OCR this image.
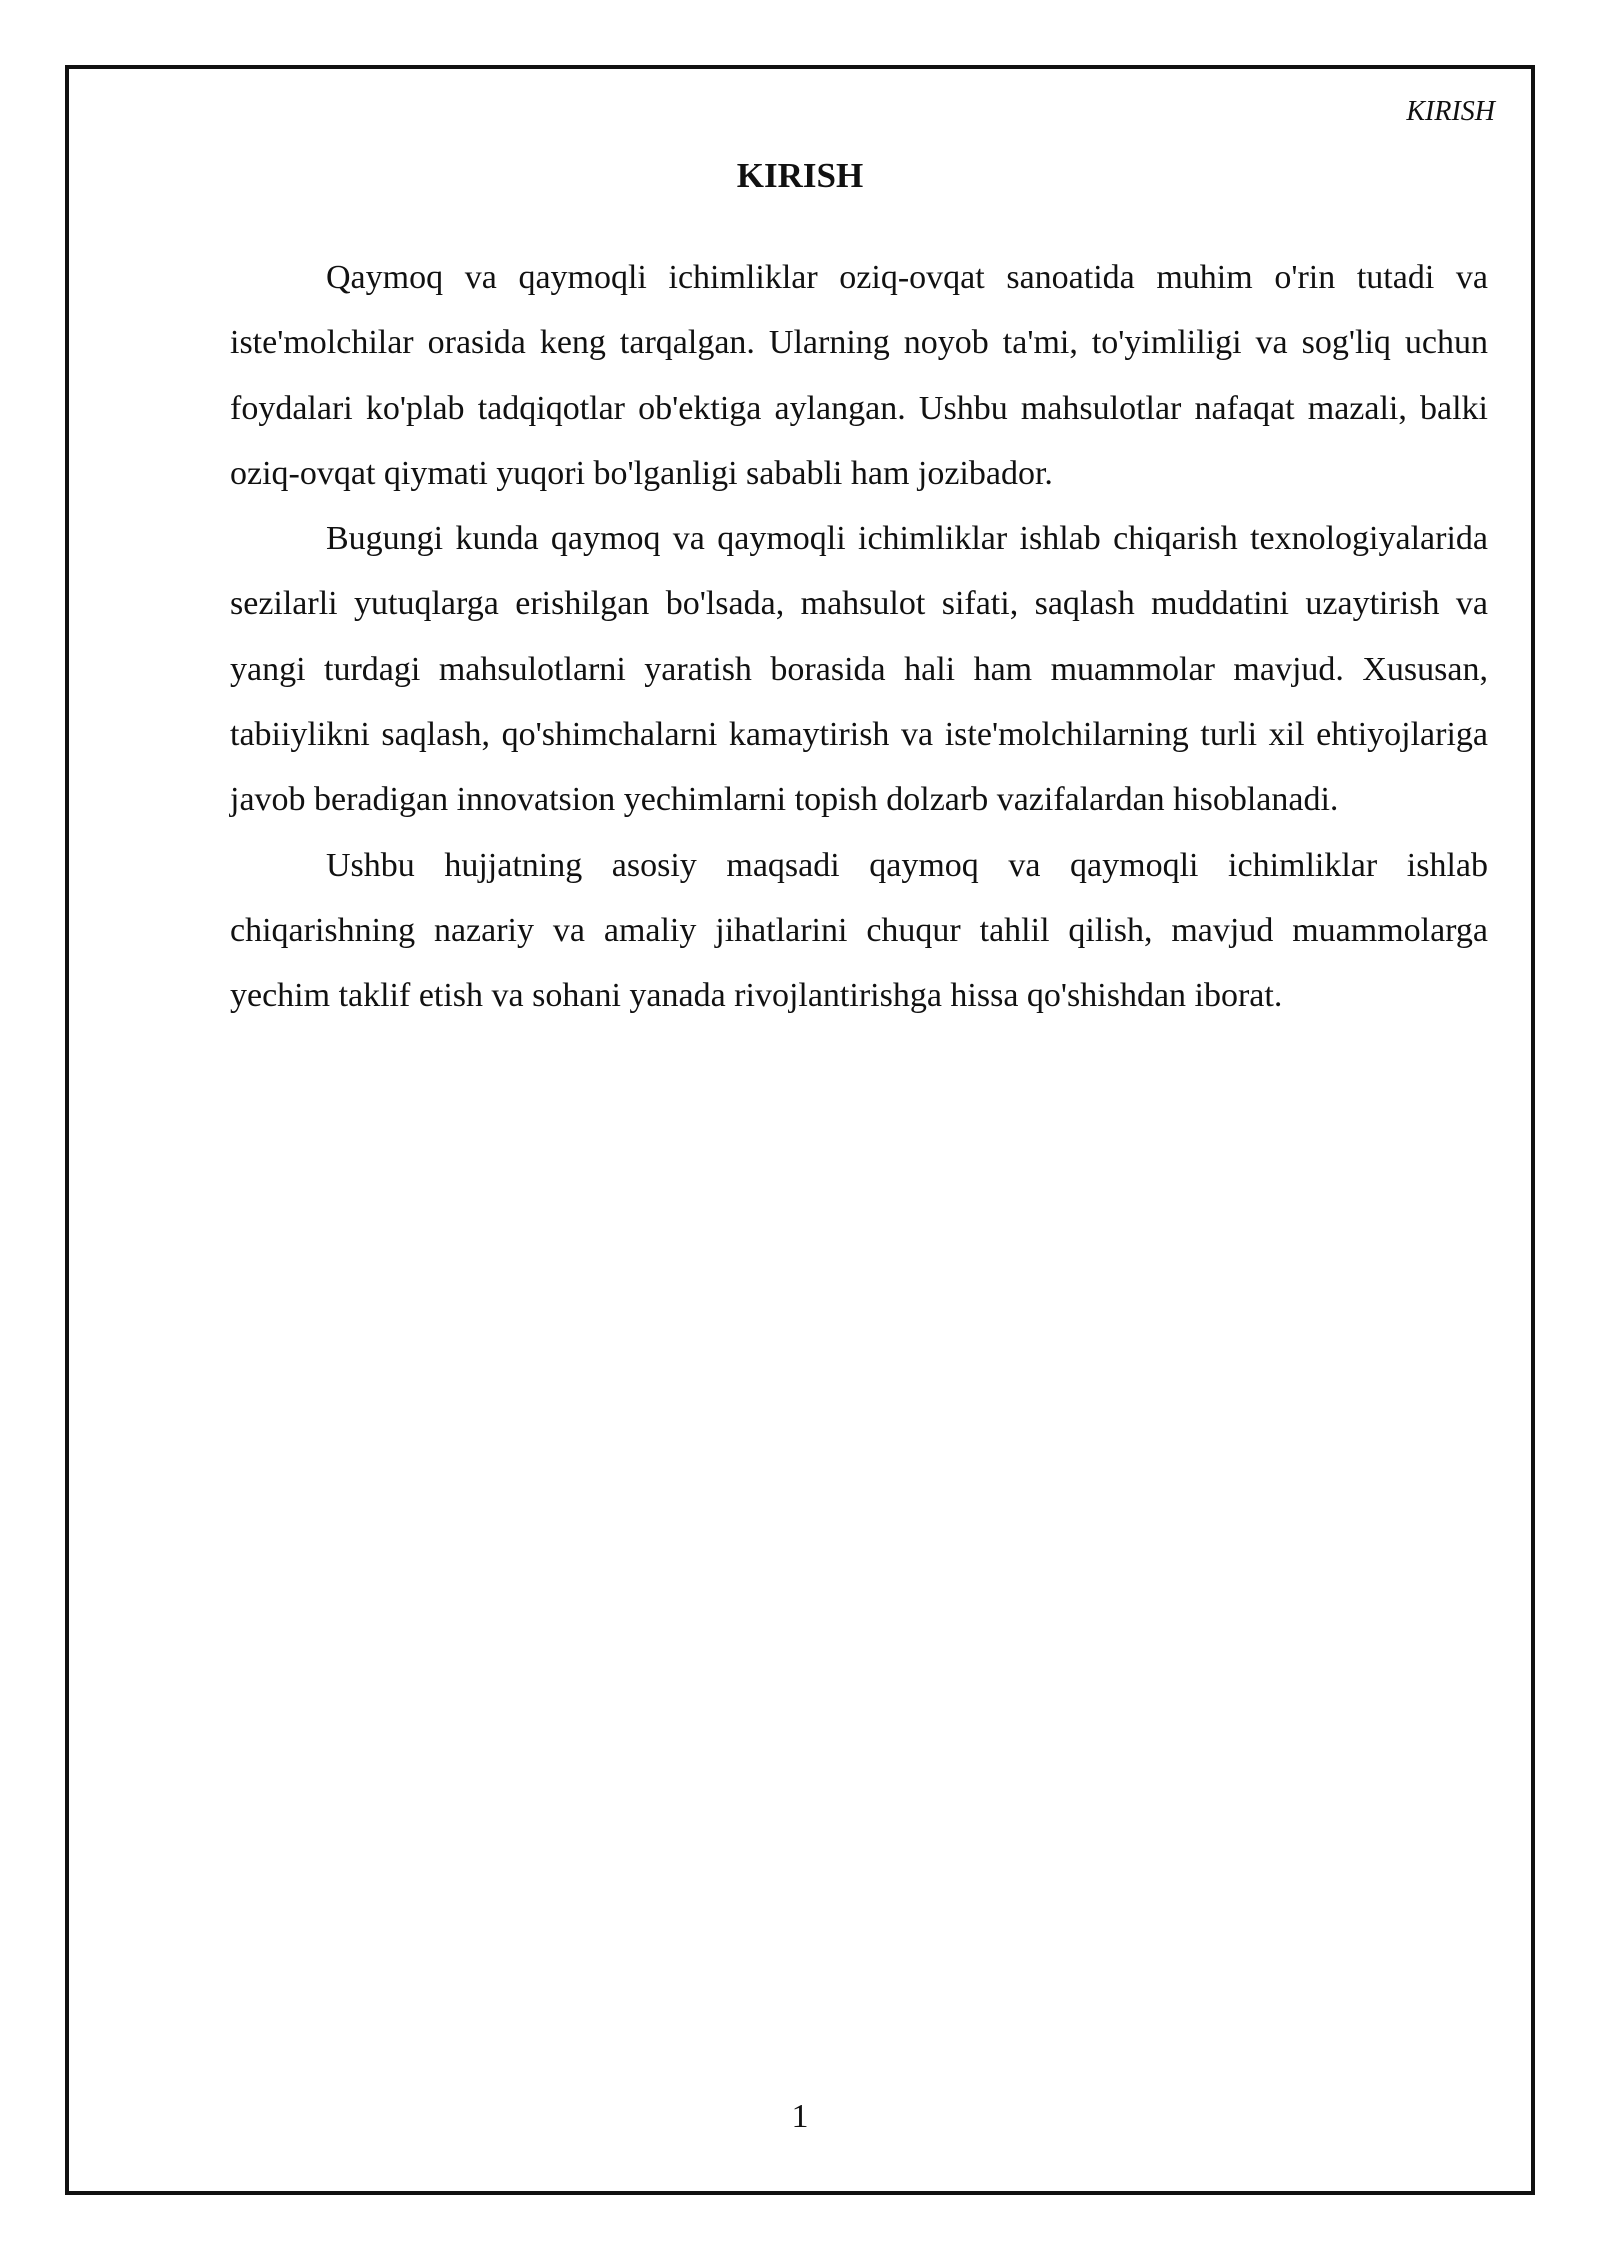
KIRISH
KIRISH

Qaymoq va qaymoqli ichimliklar oziq-ovqat sanoatida muhim o'rin tutadi va iste'molchilar orasida keng tarqalgan. Ularning noyob ta'mi, to'yimliligi va sog'liq uchun foydalari ko'plab tadqiqotlar ob'ektiga aylangan. Ushbu mahsulotlar nafaqat mazali, balki oziq-ovqat qiymati yuqori bo'lganligi sababli ham jozibador.

Bugungi kunda qaymoq va qaymoqli ichimliklar ishlab chiqarish texnologiyalarida sezilarli yutuqlarga erishilgan bo'lsada, mahsulot sifati, saqlash muddatini uzaytirish va yangi turdagi mahsulotlarni yaratish borasida hali ham muammolar mavjud. Xususan, tabiiylikni saqlash, qo'shimchalarni kamaytirish va iste'molchilarning turli xil ehtiyojlariga javob beradigan innovatsion yechimlarni topish dolzarb vazifalardan hisoblanadi.

Ushbu hujjatning asosiy maqsadi qaymoq va qaymoqli ichimliklar ishlab chiqarishning nazariy va amaliy jihatlarini chuqur tahlil qilish, mavjud muammolarga yechim taklif etish va sohani yanada rivojlantirishga hissa qo'shishdan iborat.

1
